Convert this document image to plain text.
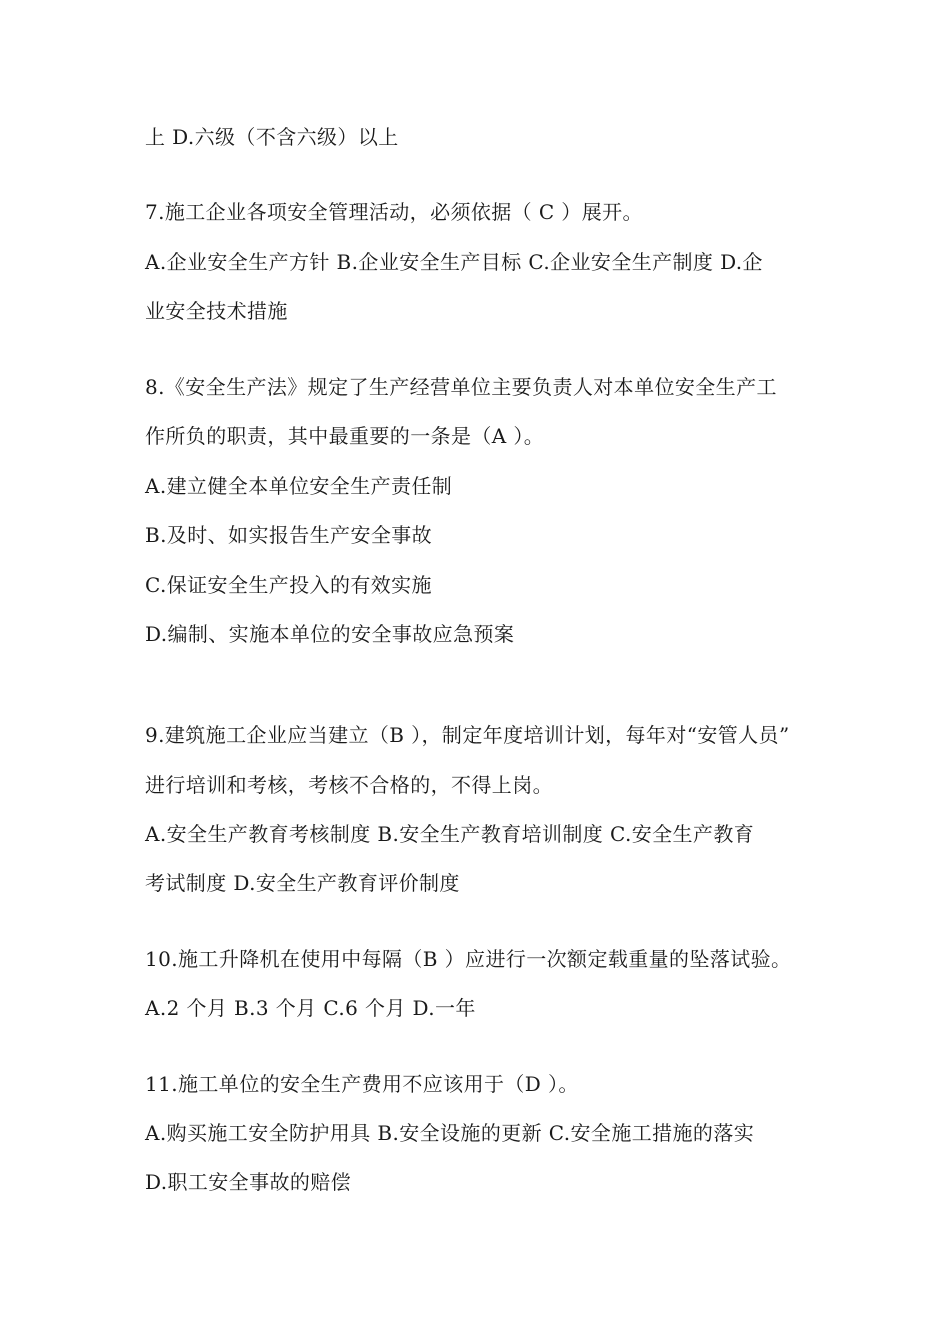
上 D.六级（不含六级）以上
7.施工企业各项安全管理活动，必须依据（ C ）展开。
A.企业安全生产方针 B.企业安全生产目标 C.企业安全生产制度 D.企
业安全技术措施
8.《安全生产法》规定了生产经营单位主要负责人对本单位安全生产工
作所负的职责，其中最重要的一条是（A ）。
A.建立健全本单位安全生产责任制
B.及时、如实报告生产安全事故
C.保证安全生产投入的有效实施
D.编制、实施本单位的安全事故应急预案
9.建筑施工企业应当建立（B ），制定年度培训计划，每年对“安管人员”
进行培训和考核，考核不合格的，不得上岗。
A.安全生产教育考核制度 B.安全生产教育培训制度 C.安全生产教育
考试制度 D.安全生产教育评价制度
10.施工升降机在使用中每隔（B ）应进行一次额定载重量的坠落试验。
A.2 个月 B.3 个月 C.6 个月 D.一年
11.施工单位的安全生产费用不应该用于（D ）。
A.购买施工安全防护用具 B.安全设施的更新 C.安全施工措施的落实
D.职工安全事故的赔偿
